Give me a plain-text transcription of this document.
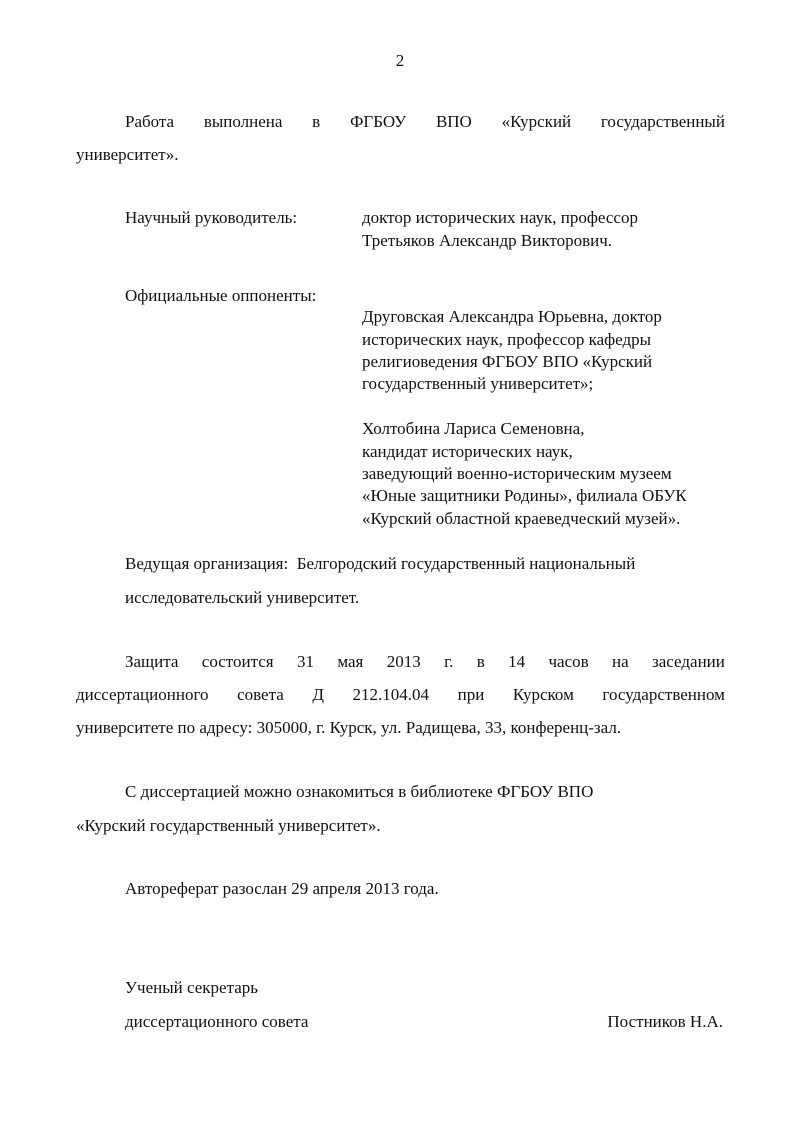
2
Работа выполнена в ФГБОУ ВПО «Курский государственный
университет».
Научный руководитель:	доктор исторических наук, профессор
Третьяков Александр Викторович.
Официальные оппоненты:
Друговская Александра Юрьевна, доктор
исторических наук, профессор кафедры
религиоведения ФГБОУ ВПО «Курский
государственный университет»;
Холтобина Лариса Семеновна,
кандидат исторических наук,
заведующий военно-историческим музеем
«Юные защитники Родины», филиала ОБУК
«Курский областной краеведческий музей».
Ведущая организация:  Белгородский государственный национальный
исследовательский университет.
Защита состоится 31 мая 2013 г. в 14 часов на заседании
диссертационного совета Д 212.104.04 при Курском государственном
университете по адресу: 305000, г. Курск, ул. Радищева, 33, конференц-зал.
С диссертацией можно ознакомиться в библиотеке ФГБОУ ВПО
«Курский государственный университет».
Автореферат разослан 29 апреля 2013 года.
Ученый секретарь
диссертационного совета	Постников Н.А.
